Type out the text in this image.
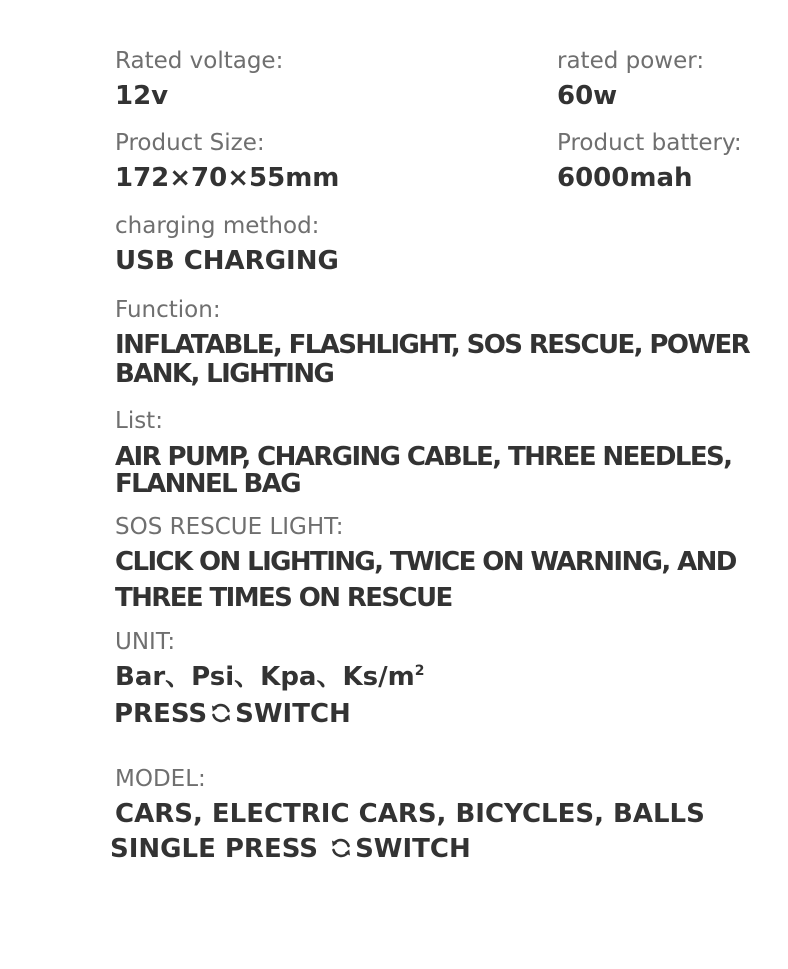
Rated voltage:
12v
rated power:
60w
Product Size:
172×70×55mm
Product battery:
6000mah
charging method:
USB CHARGING
Function:
INFLATABLE, FLASHLIGHT, SOS RESCUE, POWER
BANK, LIGHTING
List:
AIR PUMP, CHARGING CABLE, THREE NEEDLES,
FLANNEL BAG
SOS RESCUE LIGHT:
CLICK ON LIGHTING, TWICE ON WARNING, AND
THREE TIMES ON RESCUE
UNIT:
Bar、Psi、Kpa、$Ks/m^2$
PRESS SWITCH
MODEL:
CARS, ELECTRIC CARS, BICYCLES, BALLS
SINGLE PRESS
SWITCH
